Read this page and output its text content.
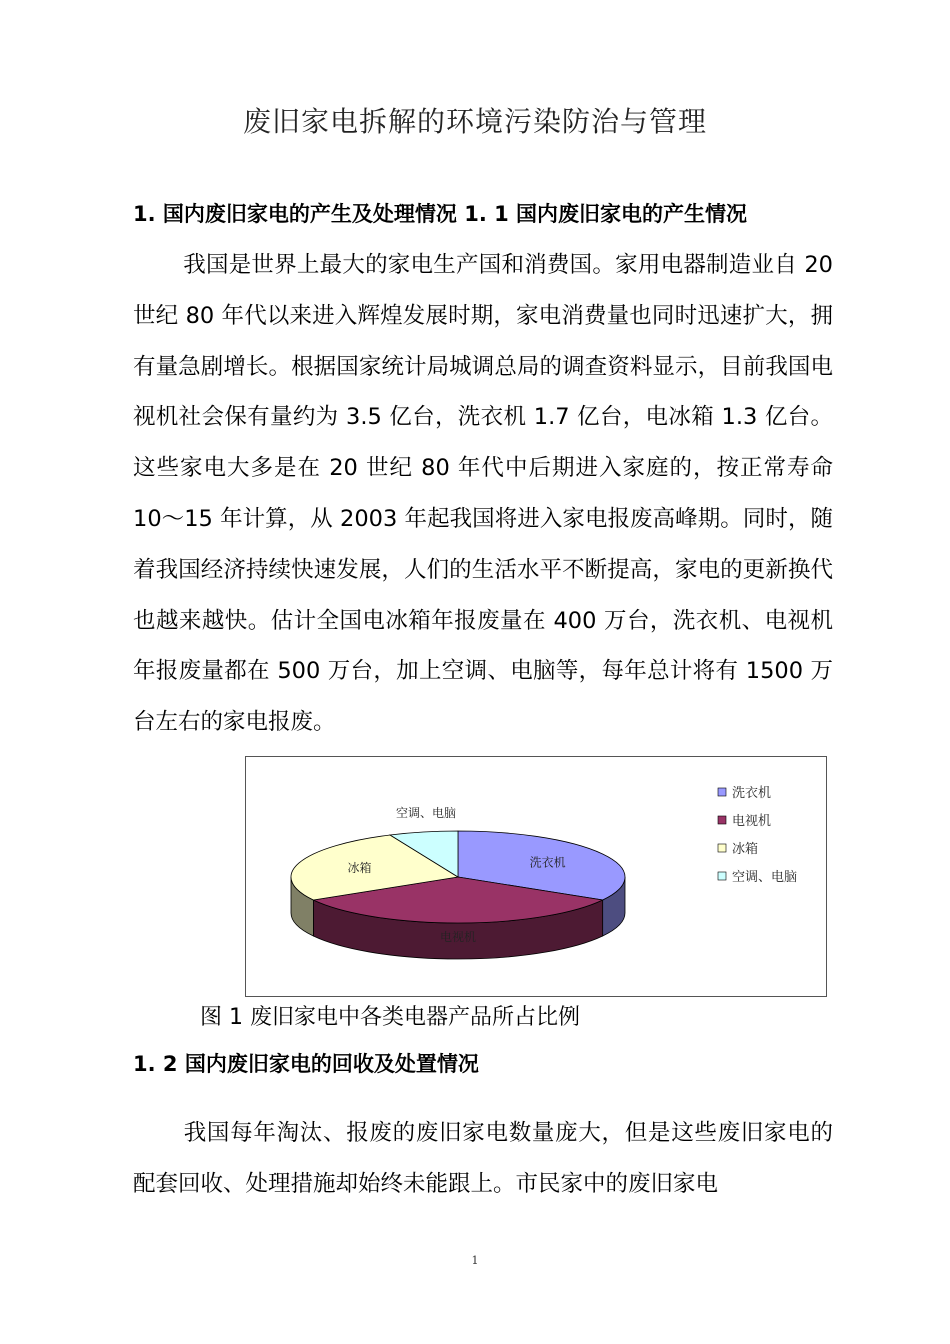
废旧家电拆解的环境污染防治与管理
1. 国内废旧家电的产生及处理情况 1. 1 国内废旧家电的产生情况
我国是世界上最大的家电生产国和消费国。家用电器制造业自 20 世纪 80 年代以来进入辉煌发展时期，家电消费量也同时迅速扩大，拥有量急剧增长。根据国家统计局城调总局的调查资料显示，目前我国电视机社会保有量约为 3.5 亿台，洗衣机 1.7 亿台，电冰箱 1.3 亿台。这些家电大多是在 20 世纪 80 年代中后期进入家庭的，按正常寿命 10～15 年计算，从 2003 年起我国将进入家电报废高峰期。同时，随着我国经济持续快速发展，人们的生活水平不断提高，家电的更新换代也越来越快。估计全国电冰箱年报废量在 400 万台，洗衣机、电视机年报废量都在 500 万台，加上空调、电脑等，每年总计将有 1500 万台左右的家电报废。
洗衣机
电视机
冰箱
空调、电脑
洗衣机
电视机
冰箱
空调、电脑
图 1 废旧家电中各类电器产品所占比例
1. 2 国内废旧家电的回收及处置情况
我国每年淘汰、报废的废旧家电数量庞大，但是这些废旧家电的配套回收、处理措施却始终未能跟上。市民家中的废旧家电
1
